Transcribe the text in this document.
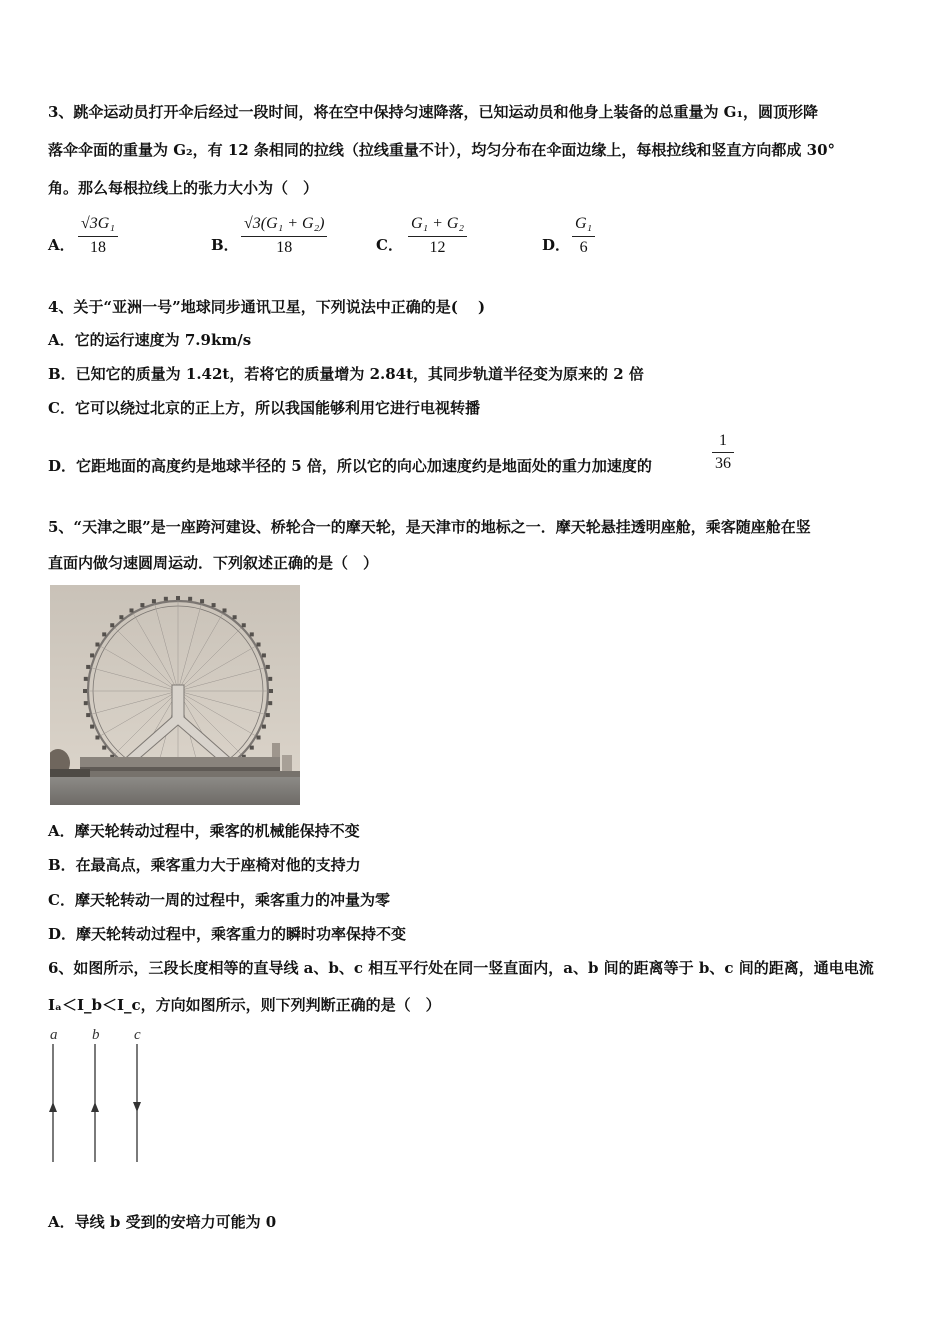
3、跳伞运动员打开伞后经过一段时间，将在空中保持匀速降落，已知运动员和他身上装备的总重量为 G₁，圆顶形降
落伞伞面的重量为 G₂，有 12 条相同的拉线（拉线重量不计），均匀分布在伞面边缘上，每根拉线和竖直方向都成 30°
角。那么每根拉线上的张力大小为（　）
A． $\frac{\text{√3G₁}}{18}$	B． $\frac{\text{√3(G₁ + G₂)}}{18}$	C． $\frac{\text{G₁ + G₂}}{12}$	D． $\frac{\text{G₁}}{6}$
4、关于“亚洲一号”地球同步通讯卫星，下列说法中正确的是(　 )
A．它的运行速度为 7.9km/s
B．已知它的质量为 1.42t，若将它的质量增为 2.84t，其同步轨道半径变为原来的 2 倍
C．它可以绕过北京的正上方，所以我国能够利用它进行电视转播
D．它距地面的高度约是地球半径的 5 倍，所以它的向心加速度约是地面处的重力加速度的	$\frac{1}{36}$
5、“天津之眼”是一座跨河建设、桥轮合一的摩天轮，是天津市的地标之一．摩天轮悬挂透明座舱，乘客随座舱在竖
直面内做匀速圆周运动．下列叙述正确的是（　）
A．摩天轮转动过程中，乘客的机械能保持不变
B．在最高点，乘客重力大于座椅对他的支持力
C．摩天轮转动一周的过程中，乘客重力的冲量为零
D．摩天轮转动过程中，乘客重力的瞬时功率保持不变
6、如图所示，三段长度相等的直导线 a、b、c 相互平行处在同一竖直面内，a、b 间的距离等于 b、c 间的距离，通电电流
Iₐ＜I_b＜I_c，方向如图所示，则下列判断正确的是（　）
a b c
A．导线 b 受到的安培力可能为 0
